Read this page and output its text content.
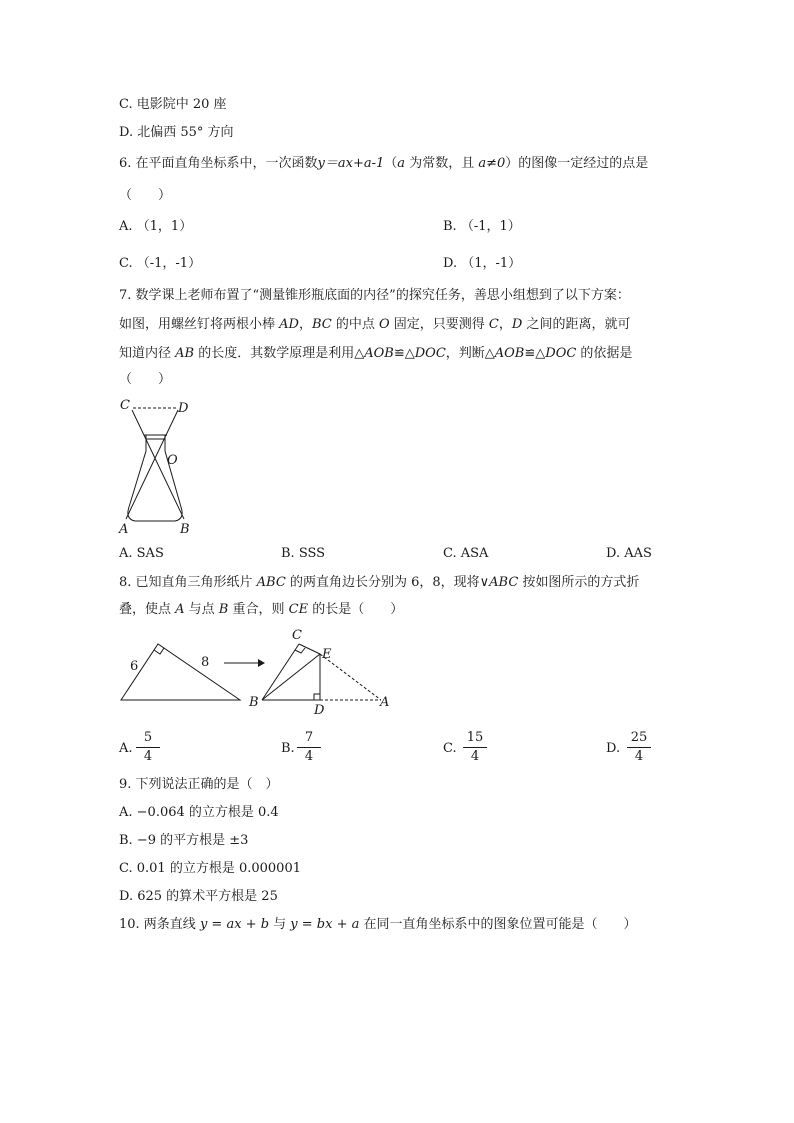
C. 电影院中 20 座
D. 北偏西 55° 方向
6. 在平面直角坐标系中，一次函数y＝ax+a-1（a 为常数，且 a≠0）的图像一定经过的点是
（　　）
A. （1，1）	B. （-1，1）
C. （-1，-1）	D. （1，-1）
7. 数学课上老师布置了“测量锥形瓶底面的内径”的探究任务，善思小组想到了以下方案：
如图，用螺丝钉将两根小棒 AD，BC 的中点 O 固定，只要测得 C，D 之间的距离，就可
知道内径 AB 的长度．其数学原理是利用△AOB≌△DOC，判断△AOB≌△DOC 的依据是
（　　）
C	D
O
A	B
A. SAS	B. SSS	C. ASA	D. AAS
8. 已知直角三角形纸片 ABC 的两直角边长分别为 6，8，现将∨ABC 按如图所示的方式折
叠，使点 A 与点 B 重合，则 CE 的长是（　　）
6	8
C
E
B
D
A
A. $\frac{5}{4}$	B. $\frac{7}{4}$	C. $\frac{15}{4}$	D. $\frac{25}{4}$
9. 下列说法正确的是（　）
A. −0.064 的立方根是 0.4
B. −9 的平方根是 ±3
C. 0.01 的立方根是 0.000001
D. 625 的算术平方根是 25
10. 两条直线 y = ax + b 与 y = bx + a 在同一直角坐标系中的图象位置可能是（　　）
